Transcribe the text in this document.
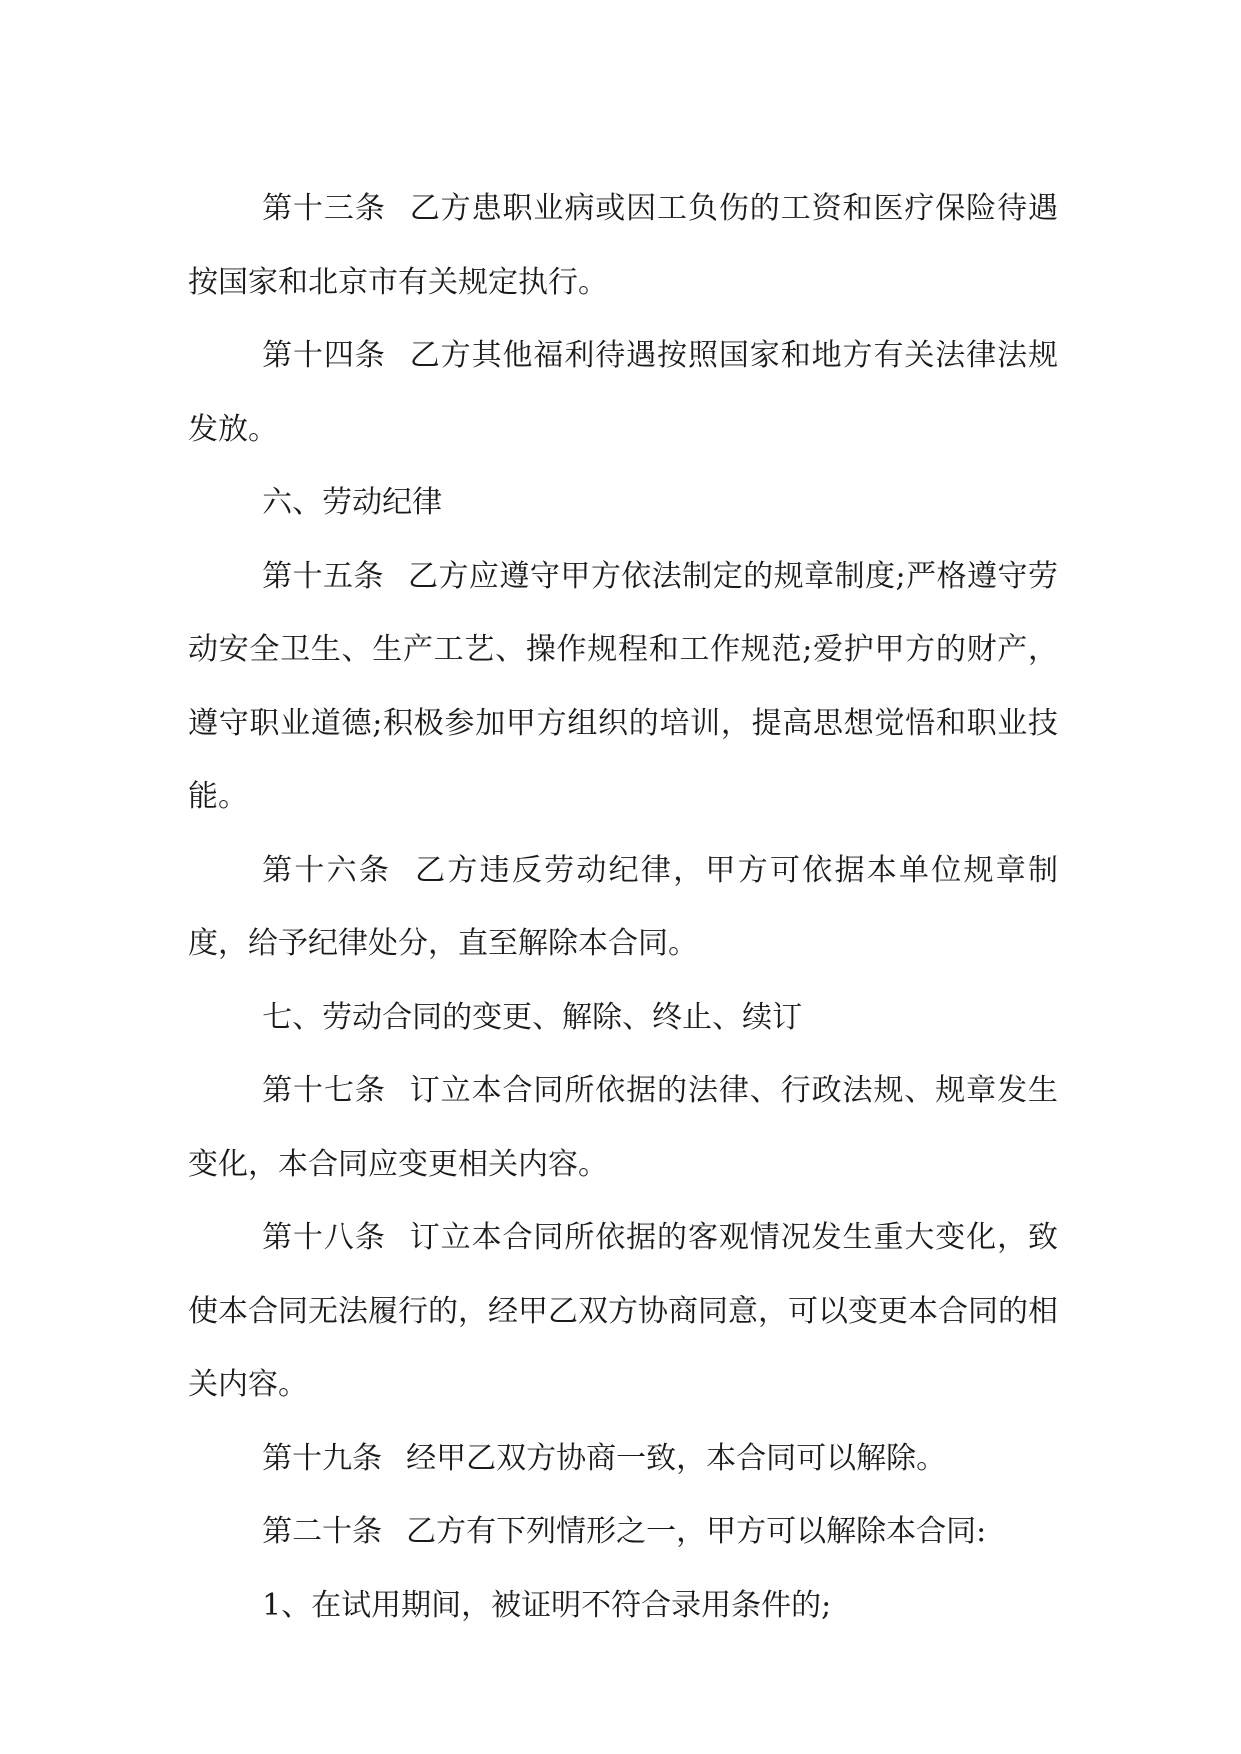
第十三条 乙方患职业病或因工负伤的工资和医疗保险待遇按国家和北京市有关规定执行。

第十四条 乙方其他福利待遇按照国家和地方有关法律法规发放。

六、劳动纪律

第十五条 乙方应遵守甲方依法制定的规章制度;严格遵守劳动安全卫生、生产工艺、操作规程和工作规范;爱护甲方的财产，遵守职业道德;积极参加甲方组织的培训，提高思想觉悟和职业技能。

第十六条 乙方违反劳动纪律，甲方可依据本单位规章制度，给予纪律处分，直至解除本合同。

七、劳动合同的变更、解除、终止、续订

第十七条 订立本合同所依据的法律、行政法规、规章发生变化，本合同应变更相关内容。

第十八条 订立本合同所依据的客观情况发生重大变化，致使本合同无法履行的，经甲乙双方协商同意，可以变更本合同的相关内容。

第十九条 经甲乙双方协商一致，本合同可以解除。

第二十条 乙方有下列情形之一，甲方可以解除本合同:

1、在试用期间，被证明不符合录用条件的;
